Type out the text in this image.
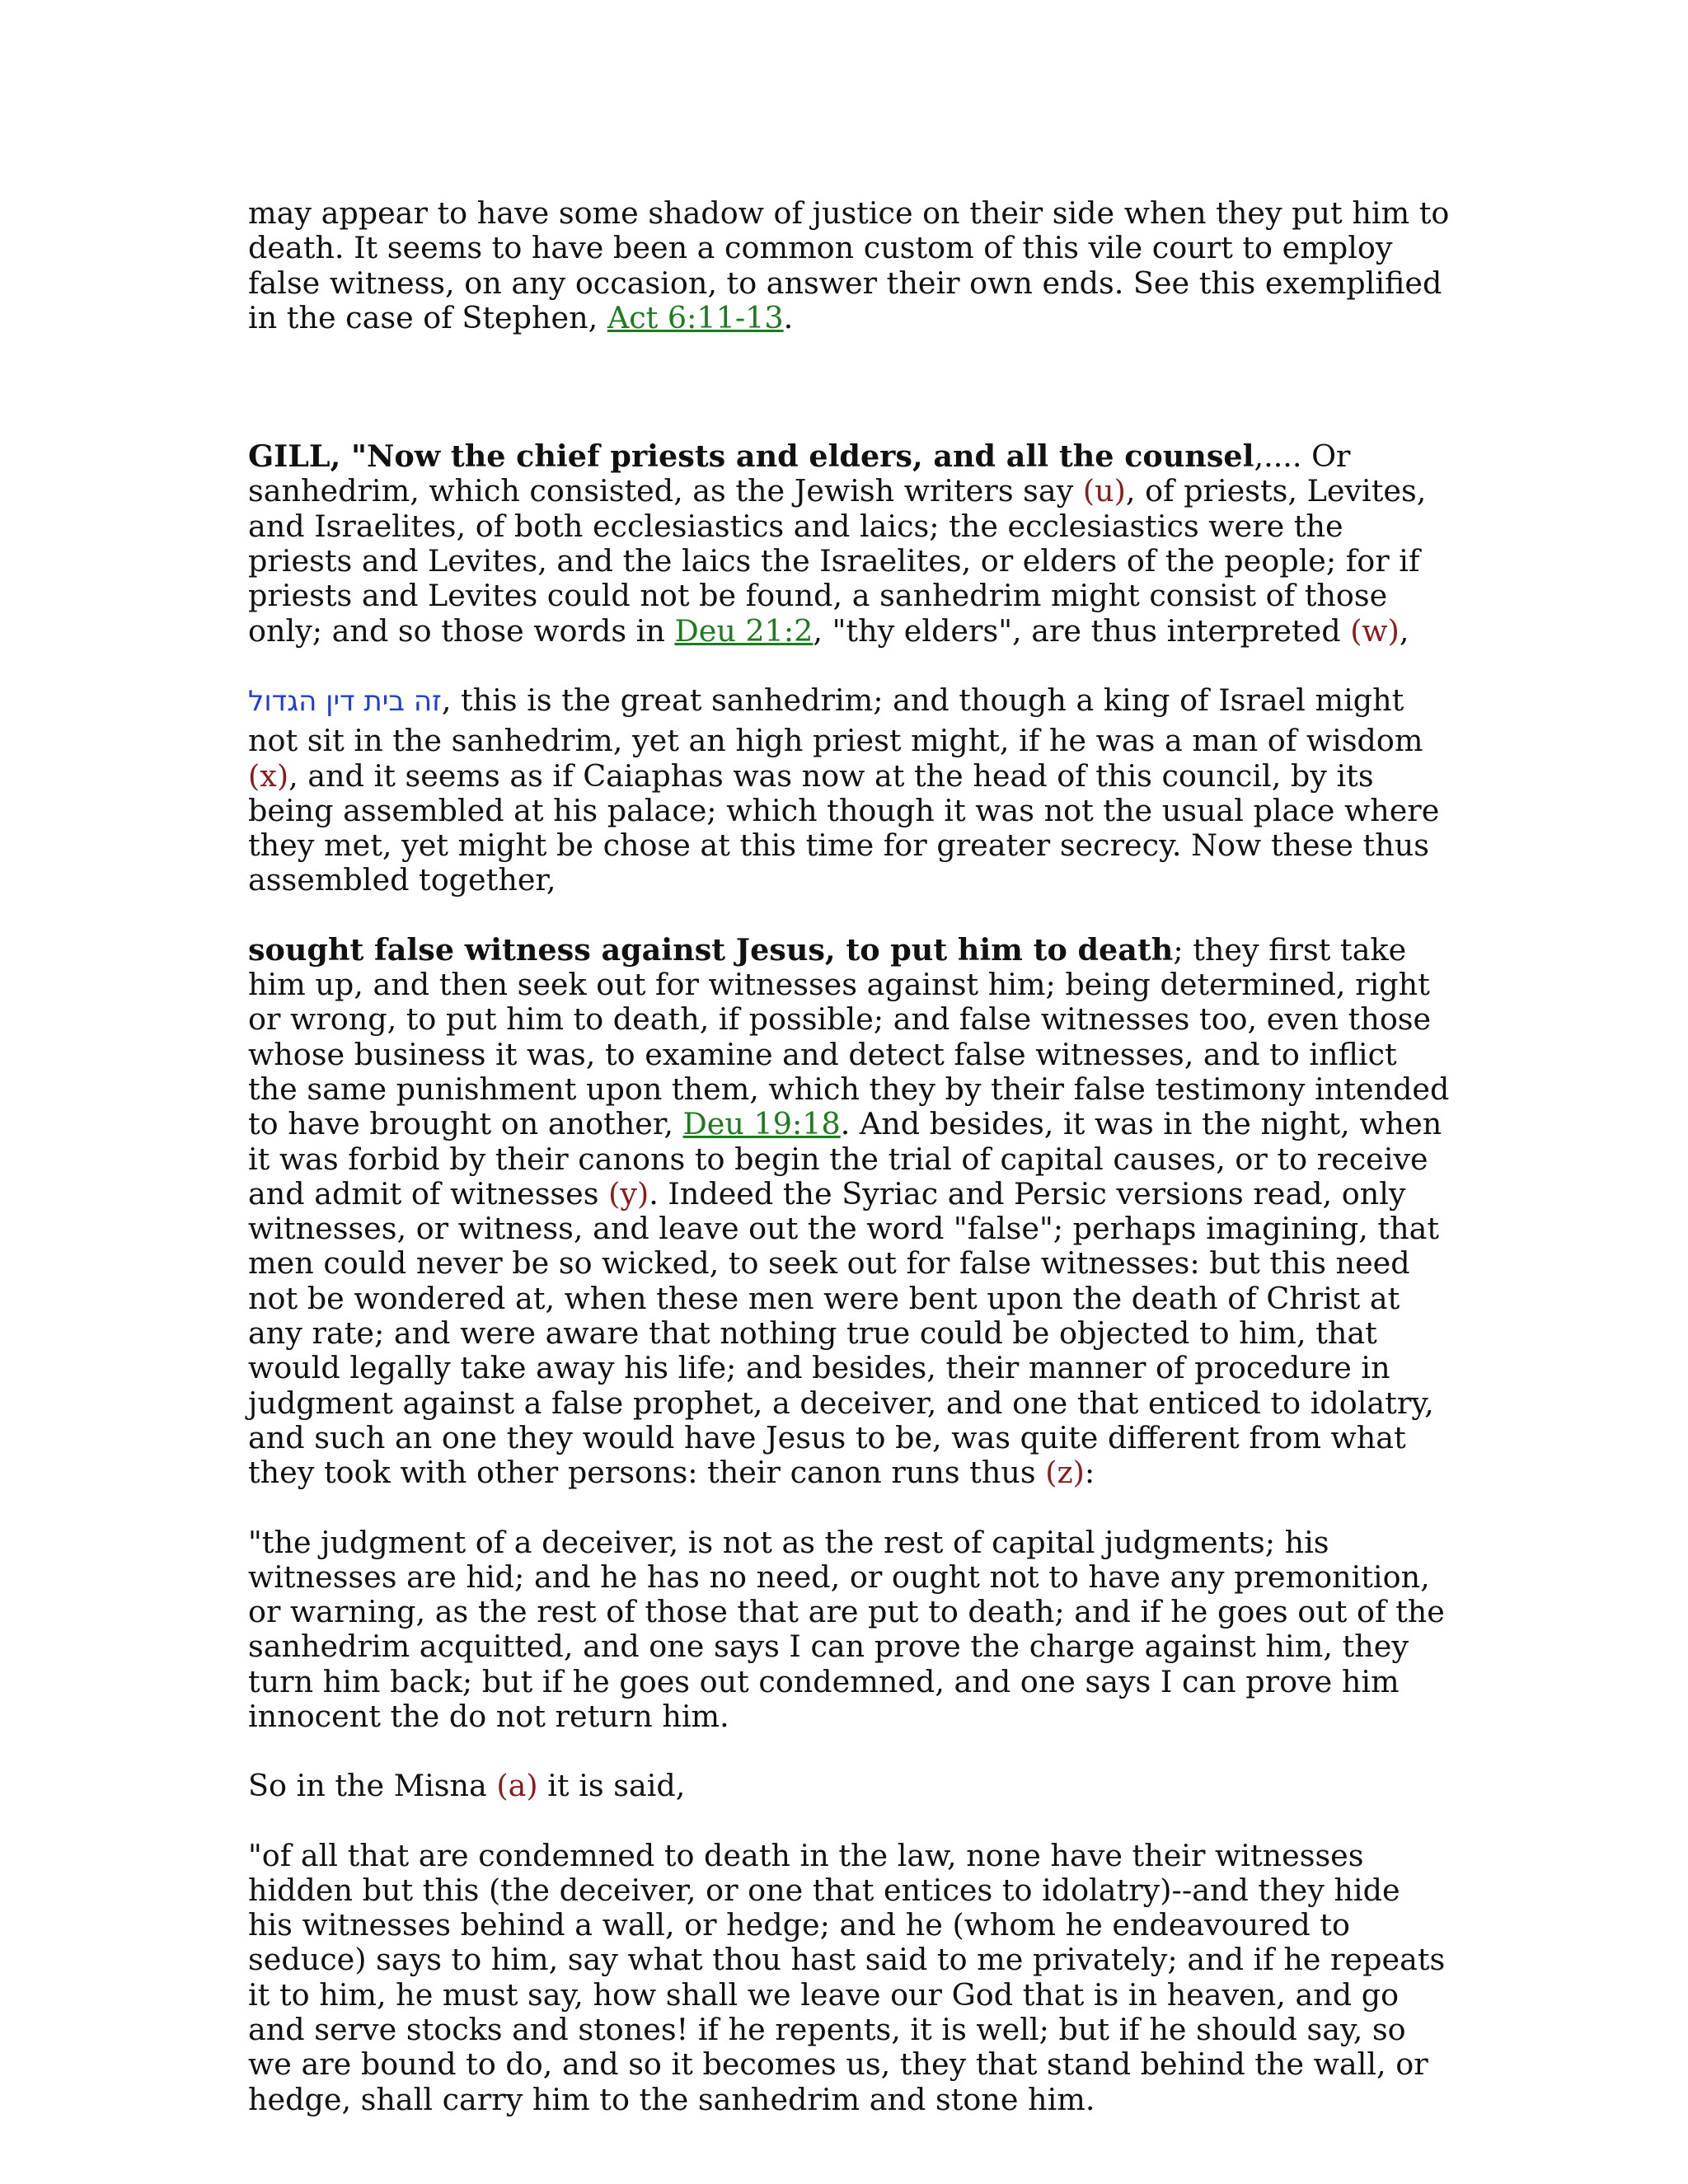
may appear to have some shadow of justice on their side when they put him to death. It seems to have been a common custom of this vile court to employ false witness, on any occasion, to answer their own ends. See this exemplified in the case of Stephen, Act 6:11-13.

GILL, "Now the chief priests and elders, and all the counsel,.... Or sanhedrim, which consisted, as the Jewish writers say (u), of priests, Levites, and Israelites, of both ecclesiastics and laics; the ecclesiastics were the priests and Levites, and the laics the Israelites, or elders of the people; for if priests and Levites could not be found, a sanhedrim might consist of those only; and so those words in Deu 21:2, "thy elders", are thus interpreted (w),

זה בית דין הגדול, this is the great sanhedrim; and though a king of Israel might not sit in the sanhedrim, yet an high priest might, if he was a man of wisdom (x), and it seems as if Caiaphas was now at the head of this council, by its being assembled at his palace; which though it was not the usual place where they met, yet might be chose at this time for greater secrecy. Now these thus assembled together,

sought false witness against Jesus, to put him to death; they first take him up, and then seek out for witnesses against him; being determined, right or wrong, to put him to death, if possible; and false witnesses too, even those whose business it was, to examine and detect false witnesses, and to inflict the same punishment upon them, which they by their false testimony intended to have brought on another, Deu 19:18. And besides, it was in the night, when it was forbid by their canons to begin the trial of capital causes, or to receive and admit of witnesses (y). Indeed the Syriac and Persic versions read, only witnesses, or witness, and leave out the word "false"; perhaps imagining, that men could never be so wicked, to seek out for false witnesses: but this need not be wondered at, when these men were bent upon the death of Christ at any rate; and were aware that nothing true could be objected to him, that would legally take away his life; and besides, their manner of procedure in judgment against a false prophet, a deceiver, and one that enticed to idolatry, and such an one they would have Jesus to be, was quite different from what they took with other persons: their canon runs thus (z):

"the judgment of a deceiver, is not as the rest of capital judgments; his witnesses are hid; and he has no need, or ought not to have any premonition, or warning, as the rest of those that are put to death; and if he goes out of the sanhedrim acquitted, and one says I can prove the charge against him, they turn him back; but if he goes out condemned, and one says I can prove him innocent the do not return him.

So in the Misna (a) it is said,

"of all that are condemned to death in the law, none have their witnesses hidden but this (the deceiver, or one that entices to idolatry)--and they hide his witnesses behind a wall, or hedge; and he (whom he endeavoured to seduce) says to him, say what thou hast said to me privately; and if he repeats it to him, he must say, how shall we leave our God that is in heaven, and go and serve stocks and stones! if he repents, it is well; but if he should say, so we are bound to do, and so it becomes us, they that stand behind the wall, or hedge, shall carry him to the sanhedrim and stone him.
